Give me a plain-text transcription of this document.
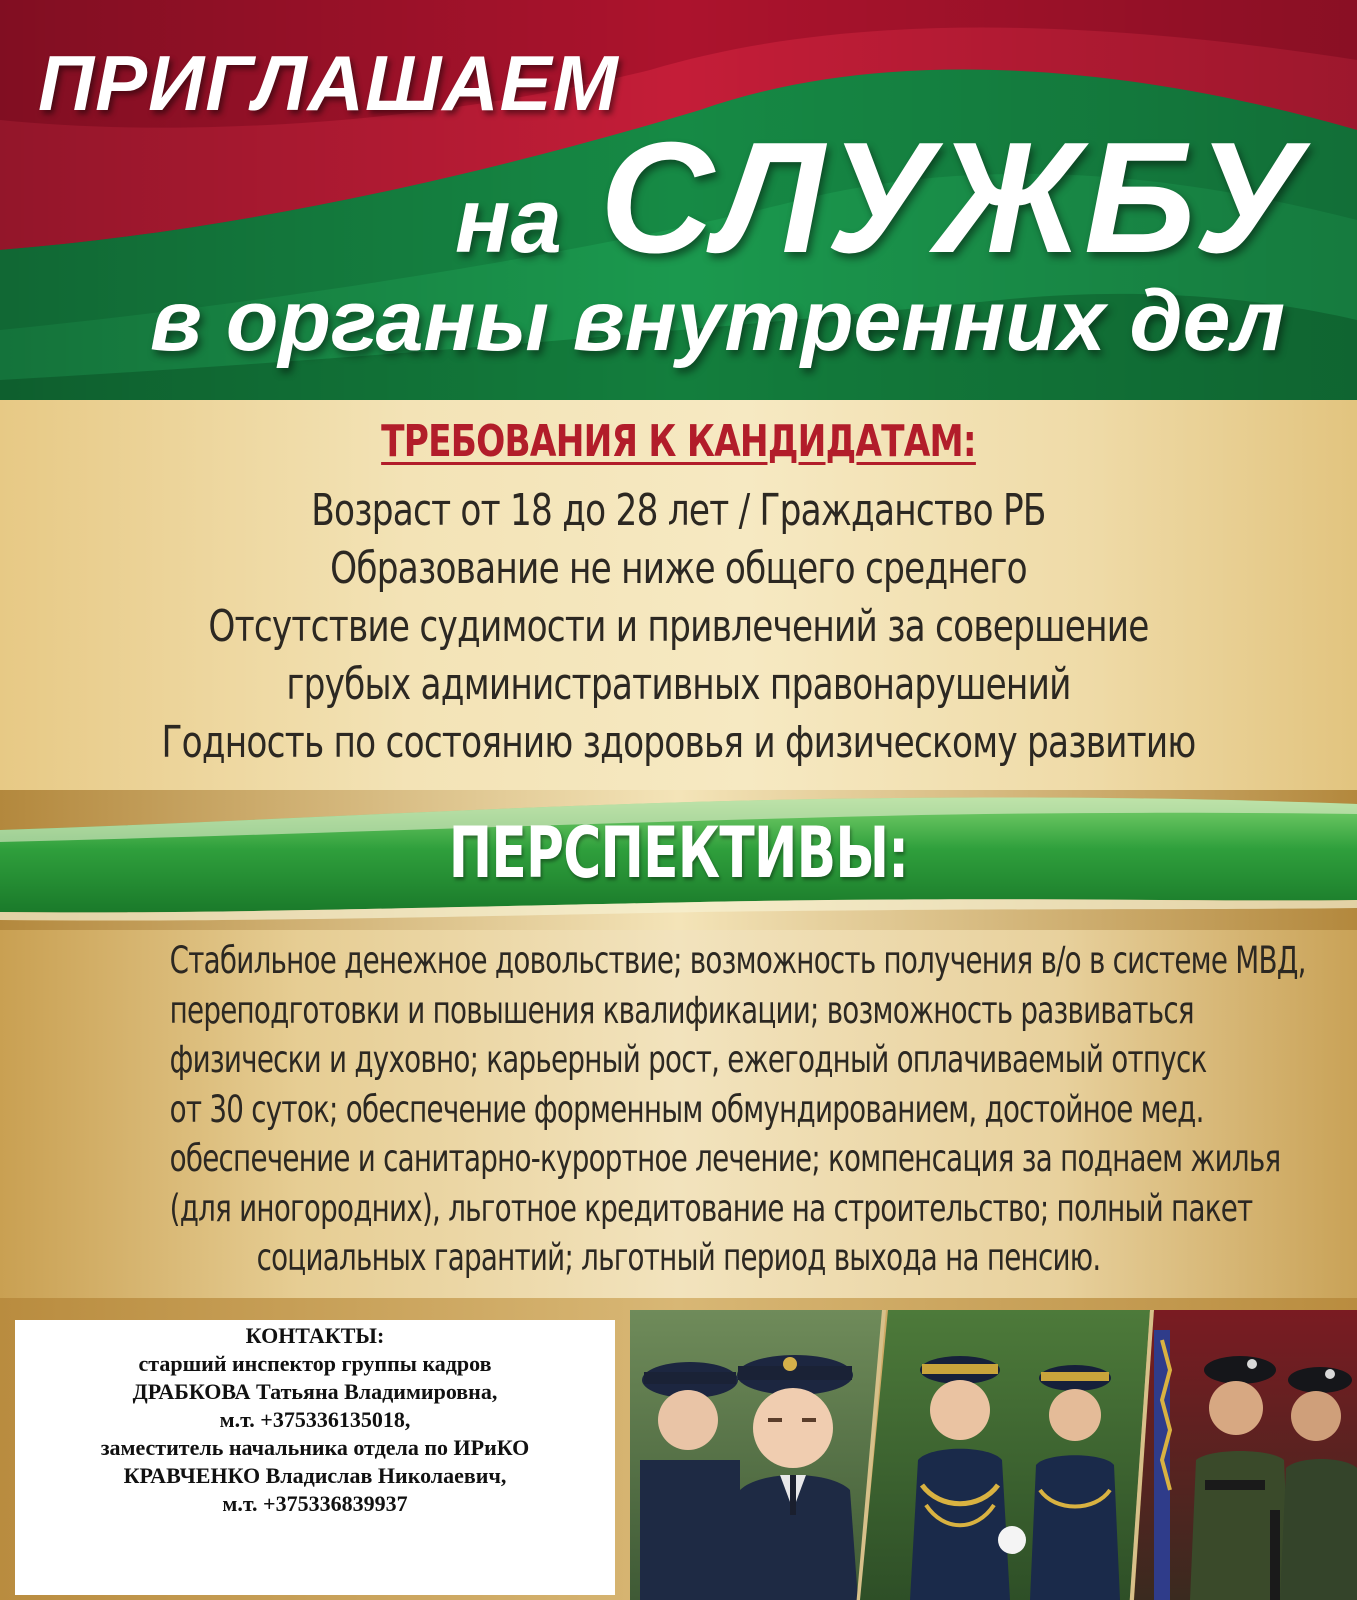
ПРИГЛАШАЕМ
на СЛУЖБУ
в органы внутренних дел
ТРЕБОВАНИЯ К КАНДИДАТАМ:
Возраст от 18 до 28 лет / Гражданство РБ
Образование не ниже общего среднего
Отсутствие судимости и привлечений за совершение
грубых административных правонарушений
Годность по состоянию здоровья и физическому развитию
ПЕРСПЕКТИВЫ:
Стабильное денежное довольствие; возможность получения в/о в системе МВД,
переподготовки и повышения квалификации; возможность развиваться
физически и духовно; карьерный рост, ежегодный оплачиваемый отпуск
от 30 суток; обеспечение форменным обмундированием, достойное мед.
обеспечение и санитарно-курортное лечение; компенсация за поднаем жилья
(для иногородних), льготное кредитование на строительство; полный пакет
социальных гарантий; льготный период выхода на пенсию.
КОНТАКТЫ:
старший инспектор группы кадров
ДРАБКОВА Татьяна Владимировна,
м.т. +375336135018,
заместитель начальника отдела по ИРиКО
КРАВЧЕНКО Владислав Николаевич,
м.т. +375336839937
